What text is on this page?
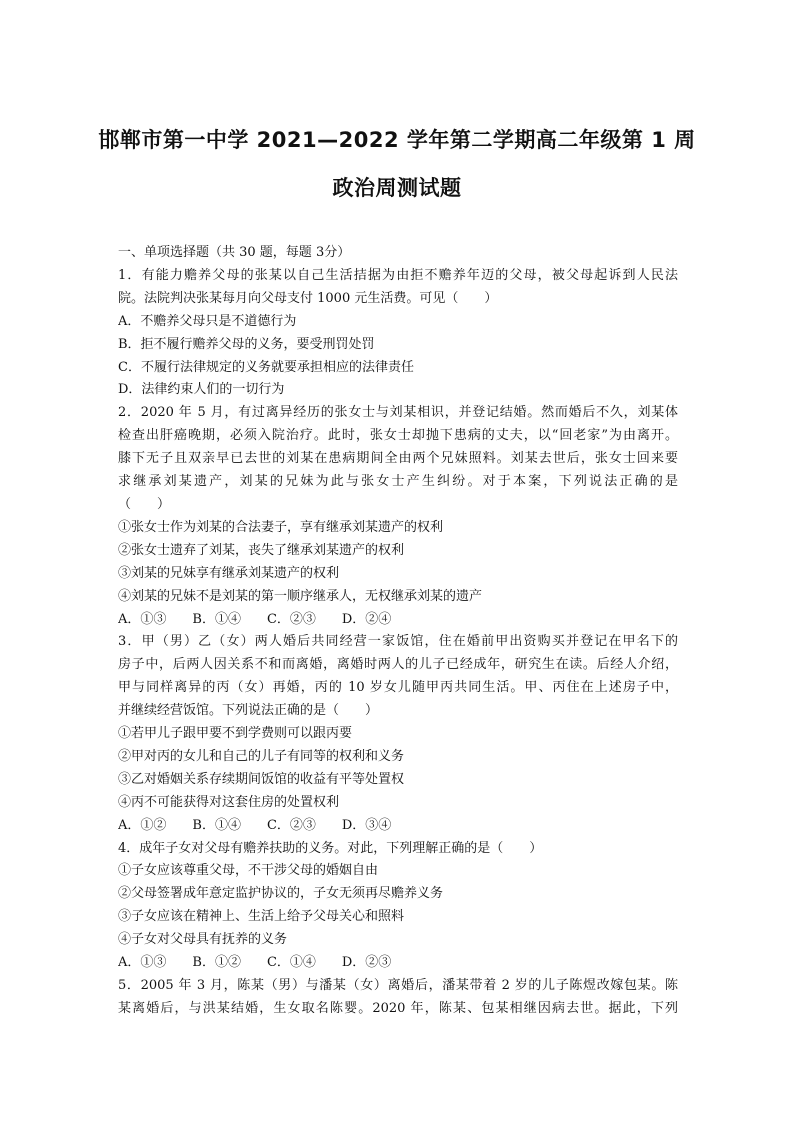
邯郸市第一中学 2021—2022 学年第二学期高二年级第 1 周
政治周测试题
一、单项选择题（共 30 题，每题 3分）
1．有能力赡养父母的张某以自己生活拮据为由拒不赡养年迈的父母，被父母起诉到人民法
院。法院判决张某每月向父母支付 1000 元生活费。可见（　　）
A．不赡养父母只是不道德行为
B．拒不履行赡养父母的义务，要受刑罚处罚
C．不履行法律规定的义务就要承担相应的法律责任
D．法律约束人们的一切行为
2．2020 年 5 月，有过离异经历的张女士与刘某相识，并登记结婚。然而婚后不久，刘某体
检查出肝癌晚期，必须入院治疗。此时，张女士却抛下患病的丈夫，以“回老家”为由离开。
膝下无子且双亲早已去世的刘某在患病期间全由两个兄妹照料。刘某去世后，张女士回来要
求继承刘某遗产，刘某的兄妹为此与张女士产生纠纷。对于本案，下列说法正确的是
（　　）
①张女士作为刘某的合法妻子，享有继承刘某遗产的权利
②张女士遗弃了刘某，丧失了继承刘某遗产的权利
③刘某的兄妹享有继承刘某遗产的权利
④刘某的兄妹不是刘某的第一顺序继承人，无权继承刘某的遗产
A．①③　　B．①④　　C．②③　　D．②④
3．甲（男）乙（女）两人婚后共同经营一家饭馆，住在婚前甲出资购买并登记在甲名下的
房子中，后两人因关系不和而离婚，离婚时两人的儿子已经成年，研究生在读。后经人介绍，
甲与同样离异的丙（女）再婚，丙的 10 岁女儿随甲丙共同生活。甲、丙住在上述房子中，
并继续经营饭馆。下列说法正确的是（　　）
①若甲儿子跟甲要不到学费则可以跟丙要
②甲对丙的女儿和自己的儿子有同等的权利和义务
③乙对婚姻关系存续期间饭馆的收益有平等处置权
④丙不可能获得对这套住房的处置权利
A．①②　　B．①④　　C．②③　　D．③④
4．成年子女对父母有赡养扶助的义务。对此，下列理解正确的是（　　）
①子女应该尊重父母，不干涉父母的婚姻自由
②父母签署成年意定监护协议的，子女无须再尽赡养义务
③子女应该在精神上、生活上给予父母关心和照料
④子女对父母具有抚养的义务
A．①③　　B．①②　　C．①④　　D．②③
5．2005 年 3 月，陈某（男）与潘某（女）离婚后，潘某带着 2 岁的儿子陈煜改嫁包某。陈
某离婚后，与洪某结婚，生女取名陈婴。2020 年，陈某、包某相继因病去世。据此，下列
